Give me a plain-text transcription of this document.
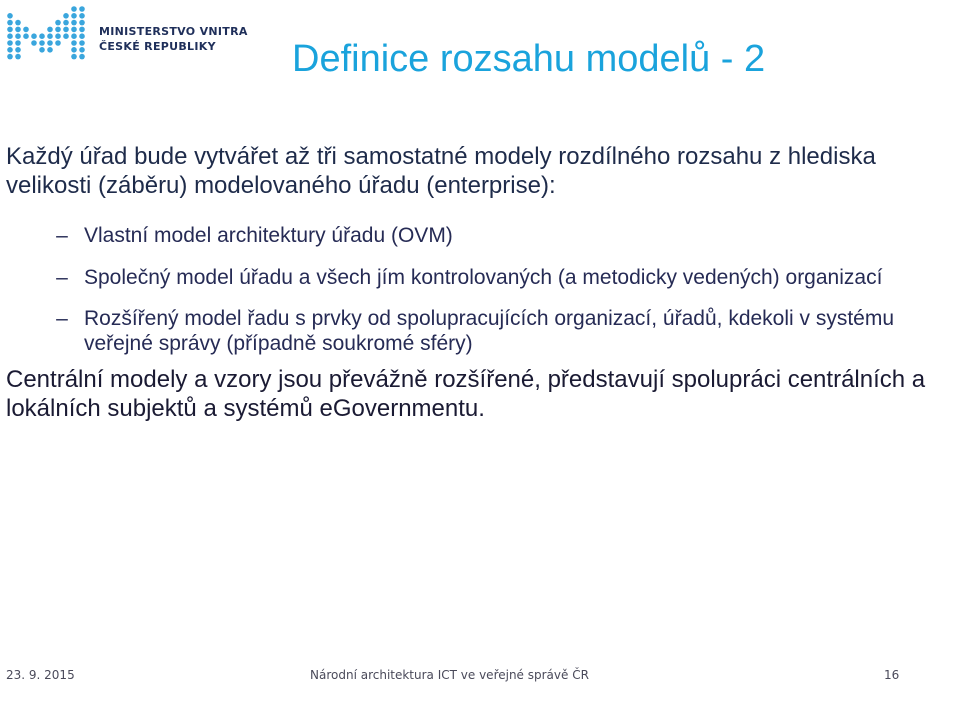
MINISTERSTVO VNITRA
ČESKÉ REPUBLIKY	Definice rozsahu modelů - 2

Každý úřad bude vytvářet až tři samostatné modely rozdílného rozsahu z hlediska velikosti (záběru) modelovaného úřadu (enterprise):

– Vlastní model architektury úřadu (OVM)
– Společný model úřadu a všech jím kontrolovaných (a metodicky vedených) organizací
– Rozšířený model řadu s prvky od spolupracujících organizací, úřadů, kdekoli v systému veřejné správy (případně soukromé sféry)

Centrální modely a vzory jsou převážně rozšířené, představují spolupráci centrálních a lokálních subjektů a systémů eGovernmentu.

23. 9. 2015	Národní architektura ICT ve veřejné správě ČR	16
